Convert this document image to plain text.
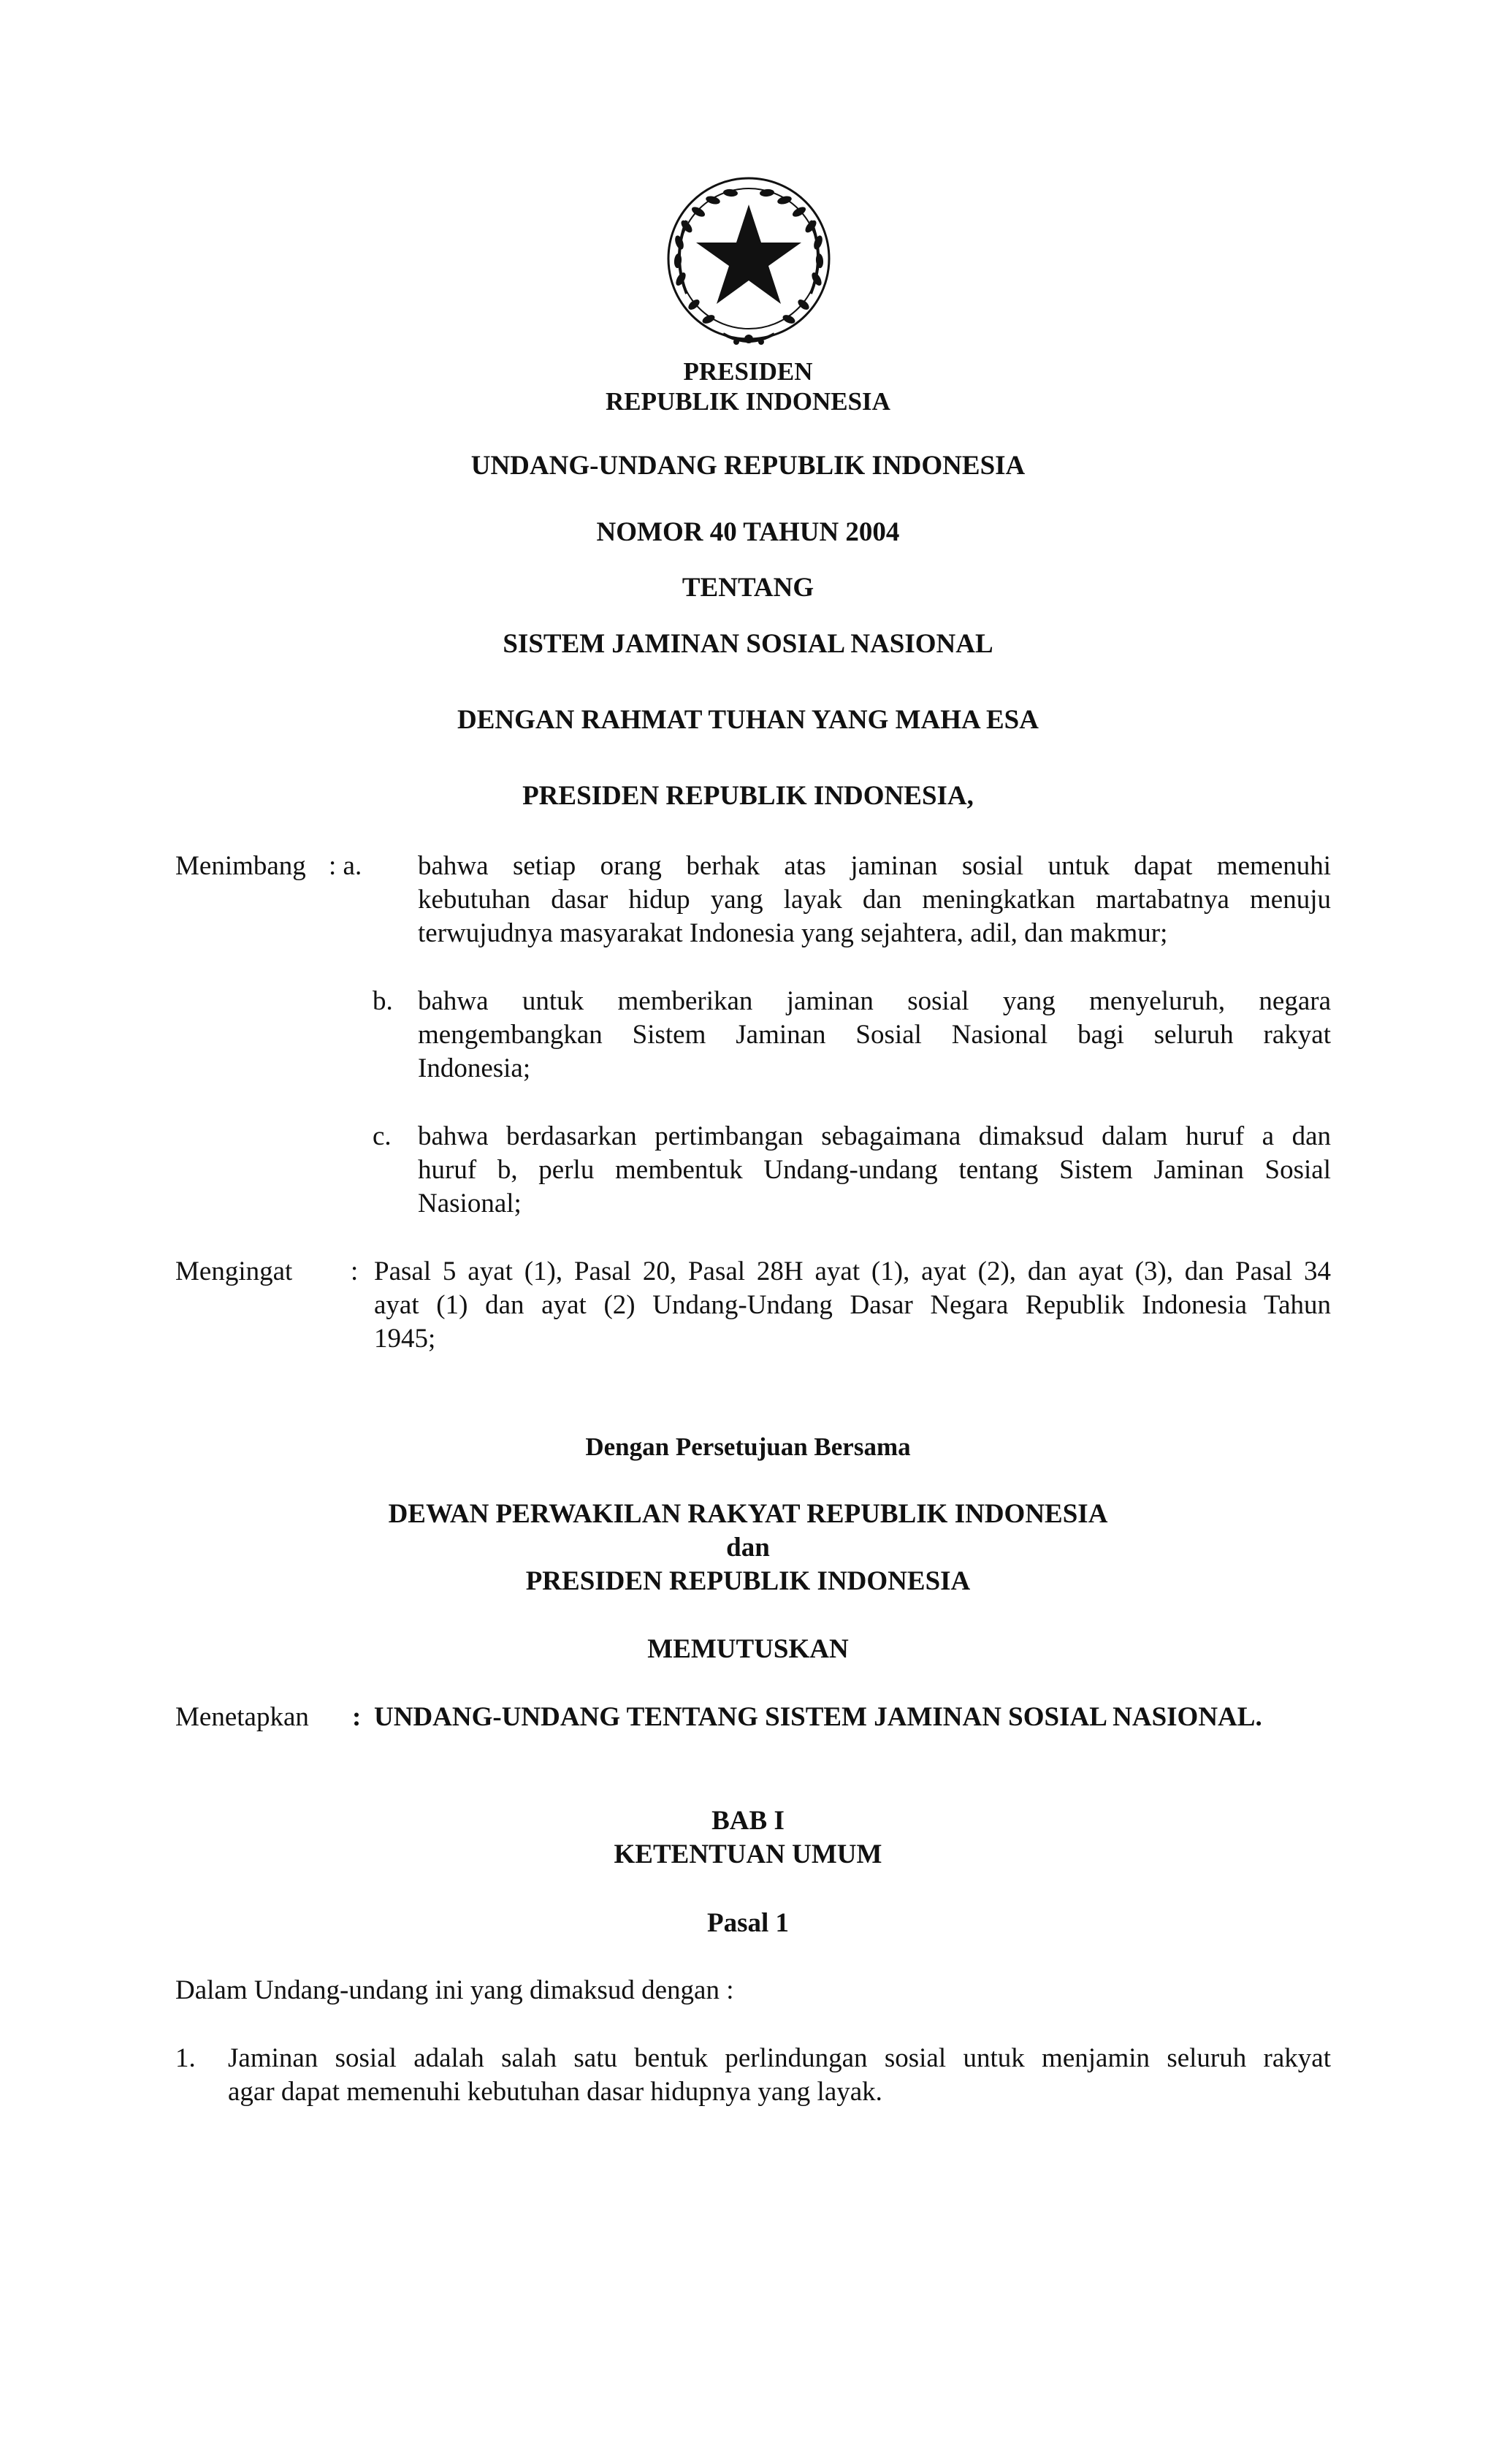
PRESIDEN
REPUBLIK INDONESIA
UNDANG-UNDANG REPUBLIK INDONESIA
NOMOR 40 TAHUN 2004
TENTANG
SISTEM JAMINAN SOSIAL NASIONAL
DENGAN RAHMAT TUHAN YANG MAHA ESA
PRESIDEN REPUBLIK INDONESIA,
Menimbang : a. bahwa setiap orang berhak atas jaminan sosial untuk dapat memenuhi
kebutuhan dasar hidup yang layak dan meningkatkan martabatnya menuju
terwujudnya masyarakat Indonesia yang sejahtera, adil, dan makmur;
b. bahwa untuk memberikan jaminan sosial yang menyeluruh, negara
mengembangkan Sistem Jaminan Sosial Nasional bagi seluruh rakyat
Indonesia;
c. bahwa berdasarkan pertimbangan sebagaimana dimaksud dalam huruf a dan
huruf b, perlu membentuk Undang-undang tentang Sistem Jaminan Sosial
Nasional;
Mengingat : Pasal 5 ayat (1), Pasal 20, Pasal 28H ayat (1), ayat (2), dan ayat (3), dan Pasal 34
ayat (1) dan ayat (2) Undang-Undang Dasar Negara Republik Indonesia Tahun
1945;
Dengan Persetujuan Bersama
DEWAN PERWAKILAN RAKYAT REPUBLIK INDONESIA
dan
PRESIDEN REPUBLIK INDONESIA
MEMUTUSKAN
Menetapkan : UNDANG-UNDANG TENTANG SISTEM JAMINAN SOSIAL NASIONAL.
BAB I
KETENTUAN UMUM
Pasal 1
Dalam Undang-undang ini yang dimaksud dengan :
1. Jaminan sosial adalah salah satu bentuk perlindungan sosial untuk menjamin seluruh rakyat
agar dapat memenuhi kebutuhan dasar hidupnya yang layak.
